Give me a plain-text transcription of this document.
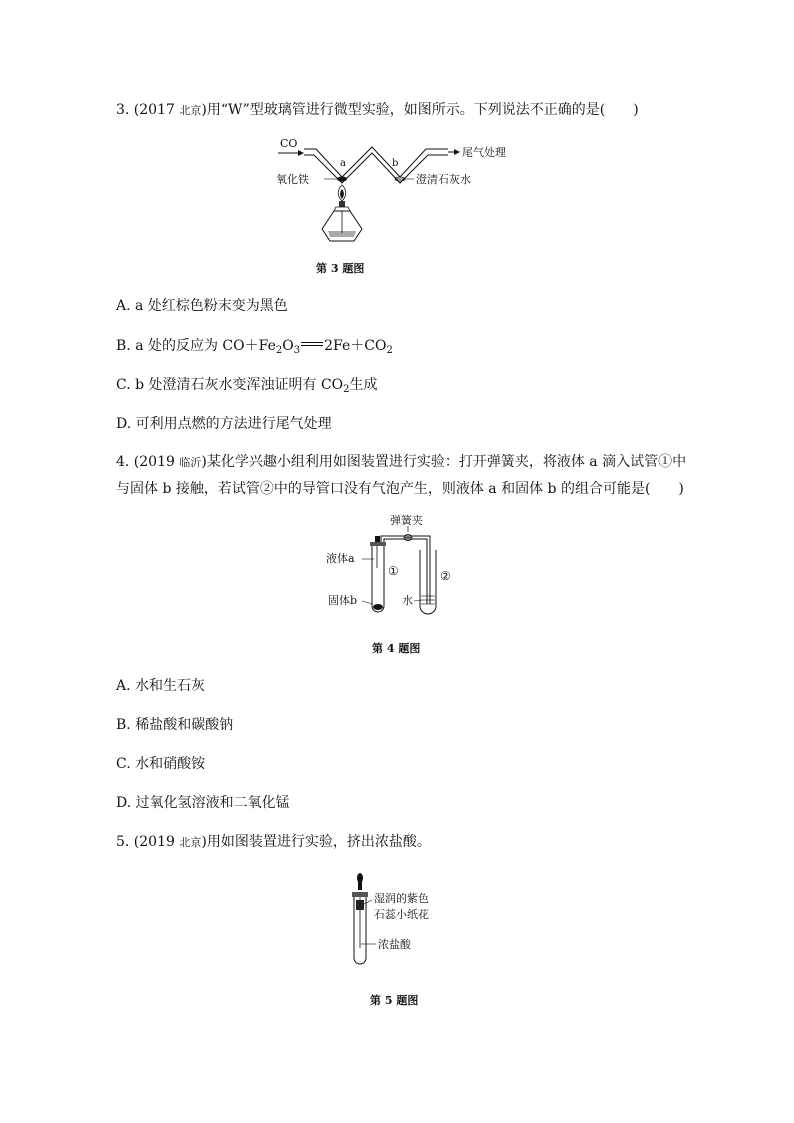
3. (2017 北京)用“W”型玻璃管进行微型实验，如图所示。下列说法不正确的是(　　)
CO
尾气处理
a	b
氧化铁	澄清石灰水
第 3 题图
A. a 处红棕色粉末变为黑色
B. a 处的反应为 $CO+Fe_2O_3$ $2Fe+CO_2$
C. b 处澄清石灰水变浑浊证明有 $CO_2$生成
D. 可利用点燃的方法进行尾气处理
4. (2019 临沂)某化学兴趣小组利用如图装置进行实验：打开弹簧夹，将液体 a 滴入试管①中
与固体 b 接触，若试管②中的导管口没有气泡产生，则液体 a 和固体 b 的组合可能是(　　)
弹簧夹
液体a
①	②
固体b	水
第 4 题图
A. 水和生石灰
B. 稀盐酸和碳酸钠
C. 水和硝酸铵
D. 过氧化氢溶液和二氧化锰
5. (2019 北京)用如图装置进行实验，挤出浓盐酸。
湿润的紫色
石蕊小纸花
浓盐酸
第 5 题图
